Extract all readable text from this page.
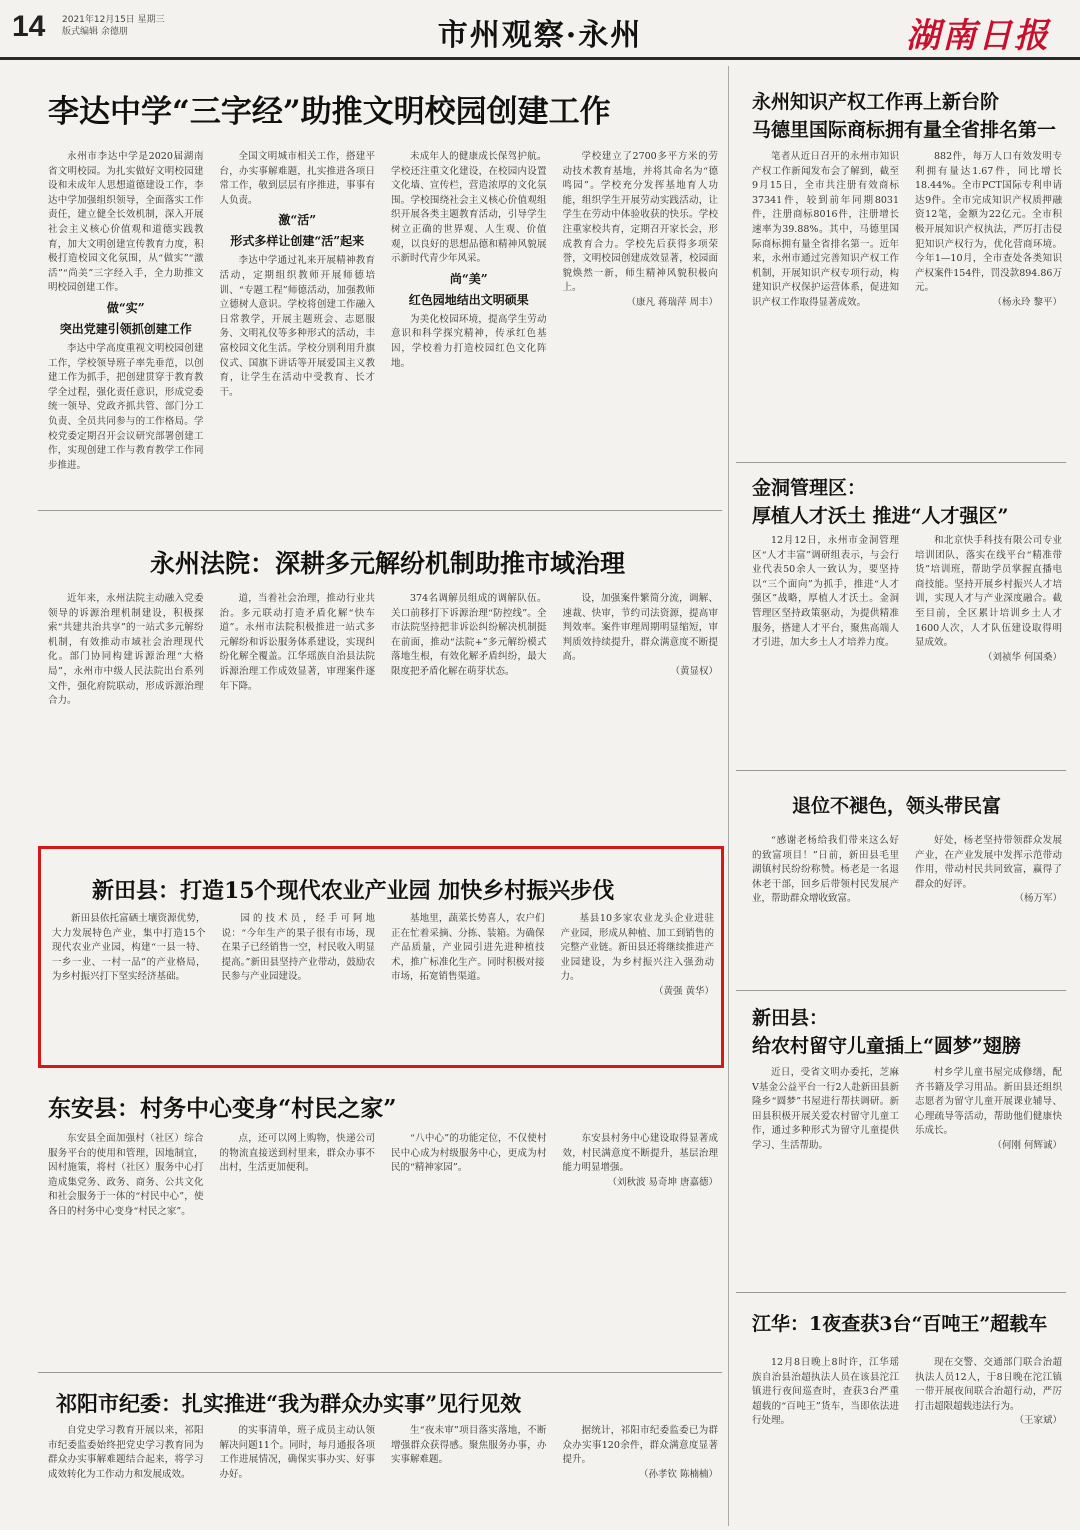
14 2021年12月15日 星期三
版式编辑 余德朋	市州观察·永州	湖南日报
李达中学“三字经”助推文明校园创建工作

永州市李达中学是2020届湖南省文明校园。为扎实做好文明校园建设和未成年人思想道德建设工作，李达中学加强组织领导，全面落实工作责任，建立健全长效机制，深入开展社会主义核心价值观和道德实践教育，加大文明创建宣传教育力度，积极打造校园文化氛围，从“做实”“激活”“尚美”三字经入手，全力助推文明校园创建工作。

做“实”

突出党建引领抓创建工作

李达中学高度重视文明校园创建工作，学校领导班子率先垂范，以创建工作为抓手，把创建贯穿于教育教学全过程，强化责任意识，形成党委统一领导、党政齐抓共管、部门分工负责、全员共同参与的工作格局。学校党委定期召开会议研究部署创建工作，实现创建工作与教育教学工作同步推进。

全国文明城市相关工作，搭建平台，办实事解难题，扎实推进各项日常工作，敬到层层有序推进，事事有人负责。

激“活”

形式多样让创建“活”起来

李达中学通过礼来开展精神教育活动，定期组织教师开展师德培训、“专题工程”师德活动，加强教师立德树人意识。学校将创建工作融入日常教学，开展主题班会、志愿服务、文明礼仪等多种形式的活动，丰富校园文化生活。学校分别利用升旗仪式、国旗下讲话等开展爱国主义教育，让学生在活动中受教育、长才干。

未成年人的健康成长保驾护航。学校还注重文化建设，在校园内设置文化墙、宣传栏，营造浓厚的文化氛围。学校围绕社会主义核心价值观组织开展各类主题教育活动，引导学生树立正确的世界观、人生观、价值观，以良好的思想品德和精神风貌展示新时代青少年风采。

尚“美”

红色园地结出文明硕果

为美化校园环境，提高学生劳动意识和科学探究精神，传承红色基因，学校着力打造校园红色文化阵地。

学校建立了2700多平方米的劳动技术教育基地，并将其命名为“德鸣园”。学校充分发挥基地育人功能，组织学生开展劳动实践活动，让学生在劳动中体验收获的快乐。学校注重家校共育，定期召开家长会，形成教育合力。学校先后获得多项荣誉，文明校园创建成效显著，校园面貌焕然一新，师生精神风貌积极向上。

（康凡 蒋瑞萍 周丰）

永州知识产权工作再上新台阶
马德里国际商标拥有量全省排名第一

笔者从近日召开的永州市知识产权工作新闻发布会了解到，截至9月15日，全市共注册有效商标37341件，较到前年同期8031件，注册商标8016件，注册增长速率为39.88%。其中，马德里国际商标拥有量全省排名第一。近年来，永州市通过完善知识产权工作机制，开展知识产权专项行动，构建知识产权保护运营体系，促进知识产权工作取得显著成效。

882件，每万人口有效发明专利拥有量达1.67件，同比增长18.44%。全市PCT国际专利申请达9件。全市完成知识产权质押融资12笔，金额为22亿元。全市积极开展知识产权执法，严厉打击侵犯知识产权行为，优化营商环境。今年1—10月，全市查处各类知识产权案件154件，罚没款894.86万元。

（杨永玲 黎平）

金洞管理区：
厚植人才沃土 推进“人才强区”

12月12日，永州市金洞管理区“人才丰富”调研组表示，与会行业代表50余人一致认为，要坚持以“三个面向”为抓手，推进“人才强区”战略，厚植人才沃土。金洞管理区坚持政策驱动，为提供精准服务，搭建人才平台，聚焦高端人才引进，加大乡土人才培养力度。

和北京快手科技有限公司专业培训团队，落实在线平台“精准带货”培训班，帮助学员掌握直播电商技能。坚持开展乡村振兴人才培训，实现人才与产业深度融合。截至目前，全区累计培训乡土人才1600人次，人才队伍建设取得明显成效。

（刘祯华 何国桑）

永州法院：深耕多元解纷机制助推市域治理

近年来，永州法院主动融入党委领导的诉源治理机制建设，积极探索“共建共治共享”的一站式多元解纷机制，有效推动市域社会治理现代化。部门协同构建诉源治理“大格局”，永州市中级人民法院出台系列文件，强化府院联动，形成诉源治理合力。

道，当着社会治理，推动行业共治。多元联动打造矛盾化解“快车道”。永州市法院积极推进一站式多元解纷和诉讼服务体系建设，实现纠纷化解全覆盖。江华瑶族自治县法院诉源治理工作成效显著，审理案件逐年下降。

374名调解员组成的调解队伍。关口前移打下诉源治理“防控线”。全市法院坚持把非诉讼纠纷解决机制挺在前面，推动“法院+”多元解纷模式落地生根，有效化解矛盾纠纷，最大限度把矛盾化解在萌芽状态。

设，加强案件繁简分流，调解、速裁、快审，节约司法资源，提高审判效率。案件审理周期明显缩短，审判质效持续提升，群众满意度不断提高。

（黄显权）

新田县：打造15个现代农业产业园 加快乡村振兴步伐

新田县依托富硒土壤资源优势，大力发展特色产业，集中打造15个现代农业产业园，构建“一县一特、一乡一业、一村一品”的产业格局，为乡村振兴打下坚实经济基础。

园的技术员，经手可阿地说：“今年生产的果子很有市场，现在果子已经销售一空，村民收入明显提高。”新田县坚持产业带动，鼓励农民参与产业园建设。

基地里，蔬菜长势喜人，农户们正在忙着采摘、分拣、装箱。为确保产品质量，产业园引进先进种植技术，推广标准化生产。同时积极对接市场，拓宽销售渠道。

基县10多家农业龙头企业进驻产业园，形成从种植、加工到销售的完整产业链。新田县还将继续推进产业园建设，为乡村振兴注入强劲动力。

（黄强 黄华）

退位不褪色，领头带民富

“感谢老杨给我们带来这么好的致富项目！”日前，新田县毛里湖镇村民纷纷称赞。杨老是一名退休老干部，回乡后带领村民发展产业，帮助群众增收致富。

好处，杨老坚持带领群众发展产业，在产业发展中发挥示范带动作用，带动村民共同致富，赢得了群众的好评。

（杨万军）

新田县：
给农村留守儿童插上“圆梦”翅膀

近日，受省文明办委托，芝麻V基金公益平台一行2人赴新田县新隆乡“圆梦”书屋进行帮扶调研。新田县积极开展关爱农村留守儿童工作，通过多种形式为留守儿童提供学习、生活帮助。

村乡学儿童书屋完成修缮，配齐书籍及学习用品。新田县还组织志愿者为留守儿童开展课业辅导、心理疏导等活动，帮助他们健康快乐成长。

（何刚 何辉诚）

东安县：村务中心变身“村民之家”

东安县全面加强村（社区）综合服务平台的使用和管理，因地制宜，因村施策，将村（社区）服务中心打造成集党务、政务、商务、公共文化和社会服务于一体的“村民中心”，使各日的村务中心变身“村民之家”。

点，还可以网上购物，快递公司的物流直接送到村里来，群众办事不出村，生活更加便利。

“八中心”的功能定位，不仅使村民中心成为村级服务中心，更成为村民的“精神家园”。

东安县村务中心建设取得显著成效，村民满意度不断提升，基层治理能力明显增强。

（刘秋波 易奇坤 唐嘉德）

江华：1夜查获3台“百吨王”超载车

12月8日晚上8时许，江华瑶族自治县治超执法人员在该县沱江镇进行夜间巡查时，查获3台严重超载的“百吨王”货车，当即依法进行处理。

现在交警、交通部门联合治超执法人员12人，于8日晚在沱江镇一带开展夜间联合治超行动，严厉打击超限超载违法行为。

（王家斌）

祁阳市纪委：扎实推进“我为群众办实事”见行见效

自党史学习教育开展以来，祁阳市纪委监委始终把党史学习教育同为群众办实事解难题结合起来，将学习成效转化为工作动力和发展成效。

的实事清单，班子成员主动认领解决问题11个。同时，每月通报各项工作进展情况，确保实事办实、好事办好。

生“夜未审”项目落实落地，不断增强群众获得感。聚焦服务办事，办实事解难题。

据统计，祁阳市纪委监委已为群众办实事120余件，群众满意度显著提升。

（孙孝钦 陈楠楠）
